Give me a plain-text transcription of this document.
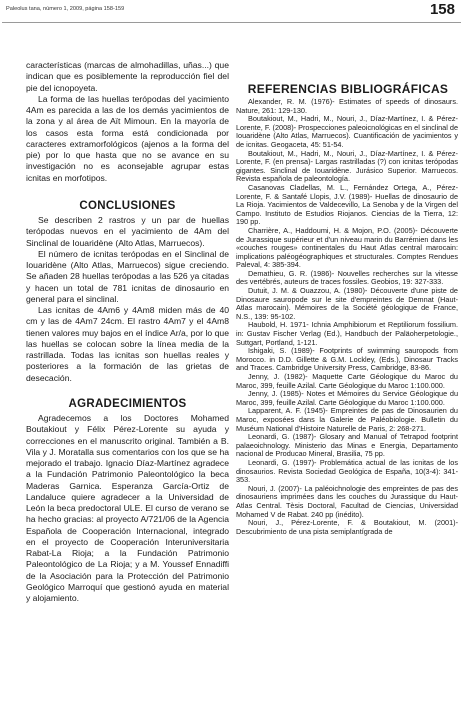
Paleolus tana, número 1, 2009, página 158-159	158

características (marcas de almohadillas, uñas...) que indican que es posiblemente la reproducción fiel del pie del icnopoyeta.

La forma de las huellas terópodas del yacimiento 4Am es parecida a las de los demás yacimientos de la zona y al área de Aït Mimoun. En la mayoría de los casos esta forma está condicionada por caracteres extramorfológicos (ajenos a la forma del pie) por lo que hasta que no se avance en su investigación no es aconsejable agrupar estas icnitas en morfotipos.

CONCLUSIONES

Se describen 2 rastros y un par de huellas terópodas nuevos en el yacimiento de 4Am del Sinclinal de Iouaridène (Alto Atlas, Marruecos).

El número de icnitas terópodas en el Sinclinal de Iouaridène (Alto Atlas, Marruecos) sigue creciendo. Se añaden 28 huellas terópodas a las 526 ya citadas y hacen un total de 781 icnitas de dinosaurio en general para el sinclinal.

Las icnitas de 4Am6 y 4Am8 miden más de 40 cm y las de 4Am7 24cm. El rastro 4Am7 y el 4Am8 tienen valores muy bajos en el índice Ar/a, por lo que las huellas se colocan sobre la línea media de la rastrillada. Todas las icnitas son huellas reales y posteriores a la formación de las grietas de desecación.

AGRADECIMIENTOS

Agradecemos a los Doctores Mohamed Boutakiout y Félix Pérez-Lorente su ayuda y correcciones en el manuscrito original. También a B. Vila y J. Moratalla sus comentarios con los que se ha mejorado el trabajo. Ignacio Díaz-Martínez agradece a la Fundación Patrimonio Paleontológico la beca Maderas Garnica. Esperanza García-Ortiz de Landaluce quiere agradecer a la Universidad de León la beca predoctoral ULE. El curso de verano se ha hecho gracias: al proyecto A/721/06 de la Agencia Española de Cooperación Internacional, integrado en el proyecto de Cooperación Interuniversitaria Rabat-La Rioja; a la Fundación Patrimonio Paleontológico de La Rioja; y a M. Youssef Ennadiffi de la Asociación para la Protección del Patrimonio Geológico Marroquí que gestionó ayuda en material y alojamiento.

REFERENCIAS BIBLIOGRÁFICAS

Alexander, R. M. (1976)- Estimates of speeds of dinosaurs. Nature, 261: 129-130.

Boutakiout, M., Hadri, M., Nouri, J., Díaz-Martínez, I. & Pérez-Lorente, F. (2008)- Prospecciones paleoicnológicas en el sinclinal de Iouaridène (Alto Atlas, Marruecos). Cuantificación de yacimientos y de icnitas. Geogaceta, 45: 51-54.

Boutakiout, M., Hadri, M., Nouri, J., Díaz-Martínez, I. & Pérez-Lorente, F. (en prensa)- Largas rastrilladas (?) con icnitas terópodas gigantes. Sinclinal de Iouaridène. Jurásico Superior. Marruecos. Revista española de paleontología.

Casanovas Cladellas, M. L., Fernández Ortega, A., Pérez-Lorente, F. & Santafé Llopis, J.V. (1989)- Huellas de dinosaurio de La Rioja. Yacimientos de Valdecevillo, La Senoba y de la Virgen del Campo. Instituto de Estudios Riojanos. Ciencias de la Tierra, 12: 190 pp.

Charrière, A., Haddoumi, H. & Mojon, P.O. (2005)- Découverte de Jurassique supérieur et d'un niveau marin du Barrémien dans les «couches rouges» continentales du Haut Atlas central marocain: implications paléogéographiques et structurales. Comptes Rendues Paleval, 4: 385-394.

Demathieu, G. R. (1986)- Nouvelles recherches sur la vitesse des vertébrés, auteurs de traces fossiles. Geobios, 19: 327-333.

Dutuit, J. M. & Ouazzou, A. (1980)- Découverte d'une piste de Dinosaure sauropode sur le site d'empreintes de Demnat (Haut-Atlas marocain). Mémoires de la Société géologique de France, N.S., 139: 95-102.

Haubold, H. 1971- Ichnia Amphibiorum et Reptiliorum fossilium. in: Gustav Fischer Verlag (Ed.), Handbuch der Paläoherpetologie., Suttgart, Portland, 1-121.

Ishigaki, S. (1989)- Footprints of swimming sauropods from Morocco. in D.D. Gillette & G.M. Lockley, (Eds.), Dinosaur Tracks and Traces. Cambridge University Press, Cambridge, 83-86.

Jenny, J. (1982)- Maquette Carte Géologique du Maroc du Maroc, 399, feuille Azilal. Carte Géologique du Maroc 1:100.000.

Jenny, J. (1985)- Notes et Mémoires du Service Géologique du Maroc, 399, feuille Azilal. Carte Géologique du Maroc 1:100.000.

Lapparent, A. F. (1945)- Empreintes de pas de Dinosaurien du Maroc, exposées dans la Galerie de Paléobiologie. Bulletin du Muséum National d'Histoire Naturelle de Paris, 2: 268-271.

Leonardi, G. (1987)- Glosary and Manual of Tetrapod footprint palaeoichnology. Ministerio das Minas e Energia, Departamento nacional de Producao Mineral, Brasilia, 75 pp.

Leonardi, G. (1997)- Problemática actual de las icnitas de los dinosaurios. Revista Sociedad Geológica de España, 10(3-4): 341-353.

Nouri, J. (2007)- La paléoichnologie des empreintes de pas des dinosauriens imprimées dans les couches du Jurassique du Haut-Atlas Central. Tèsis Doctoral, Facultad de Ciencias, Universidad Mohamed V de Rabat. 240 pp (inédito).

Nouri, J., Pérez-Lorente, F. & Boutakiout, M. (2001)- Descubrimiento de una pista semiplantígrada de
